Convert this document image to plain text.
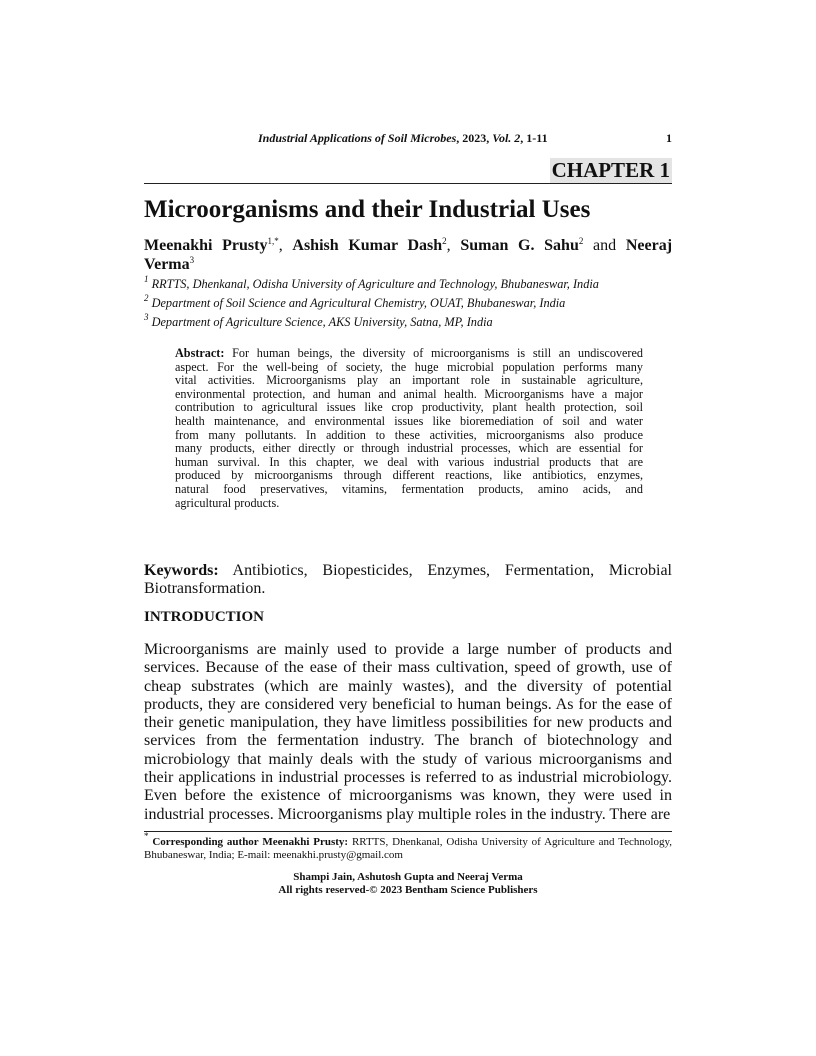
Industrial Applications of Soil Microbes, 2023, Vol. 2, 1-11	1
CHAPTER 1
Microorganisms and their Industrial Uses
Meenakhi Prusty$^{1,*}$, Ashish Kumar Dash$^2$, Suman G. Sahu$^2$ and Neeraj
Verma$^3$
$^1$ RRTTS, Dhenkanal, Odisha University of Agriculture and Technology, Bhubaneswar, India
$^2$ Department of Soil Science and Agricultural Chemistry, OUAT, Bhubaneswar, India
$^3$ Department of Agriculture Science, AKS University, Satna, MP, India
Abstract: For human beings, the diversity of microorganisms is still an undiscovered
aspect. For the well-being of society, the huge microbial population performs many
vital activities. Microorganisms play an important role in sustainable agriculture,
environmental protection, and human and animal health. Microorganisms have a major
contribution to agricultural issues like crop productivity, plant health protection, soil
health maintenance, and environmental issues like bioremediation of soil and water
from many pollutants. In addition to these activities, microorganisms also produce
many products, either directly or through industrial processes, which are essential for
human survival. In this chapter, we deal with various industrial products that are
produced by microorganisms through different reactions, like antibiotics, enzymes,
natural food preservatives, vitamins, fermentation products, amino acids, and
agricultural products.
Keywords: Antibiotics, Biopesticides, Enzymes, Fermentation, Microbial
Biotransformation.
INTRODUCTION
Microorganisms are mainly used to provide a large number of products and
services. Because of the ease of their mass cultivation, speed of growth, use of
cheap substrates (which are mainly wastes), and the diversity of potential
products, they are considered very beneficial to human beings. As for the ease of
their genetic manipulation, they have limitless possibilities for new products and
services from the fermentation industry. The branch of biotechnology and
microbiology that mainly deals with the study of various microorganisms and
their applications in industrial processes is referred to as industrial microbiology.
Even before the existence of microorganisms was known, they were used in
industrial processes. Microorganisms play multiple roles in the industry. There are
* Corresponding author Meenakhi Prusty: RRTTS, Dhenkanal, Odisha University of Agriculture and Technology,
Bhubaneswar, India; E-mail: meenakhi.prusty@gmail.com
Shampi Jain, Ashutosh Gupta and Neeraj Verma
All rights reserved-© 2023 Bentham Science Publishers
